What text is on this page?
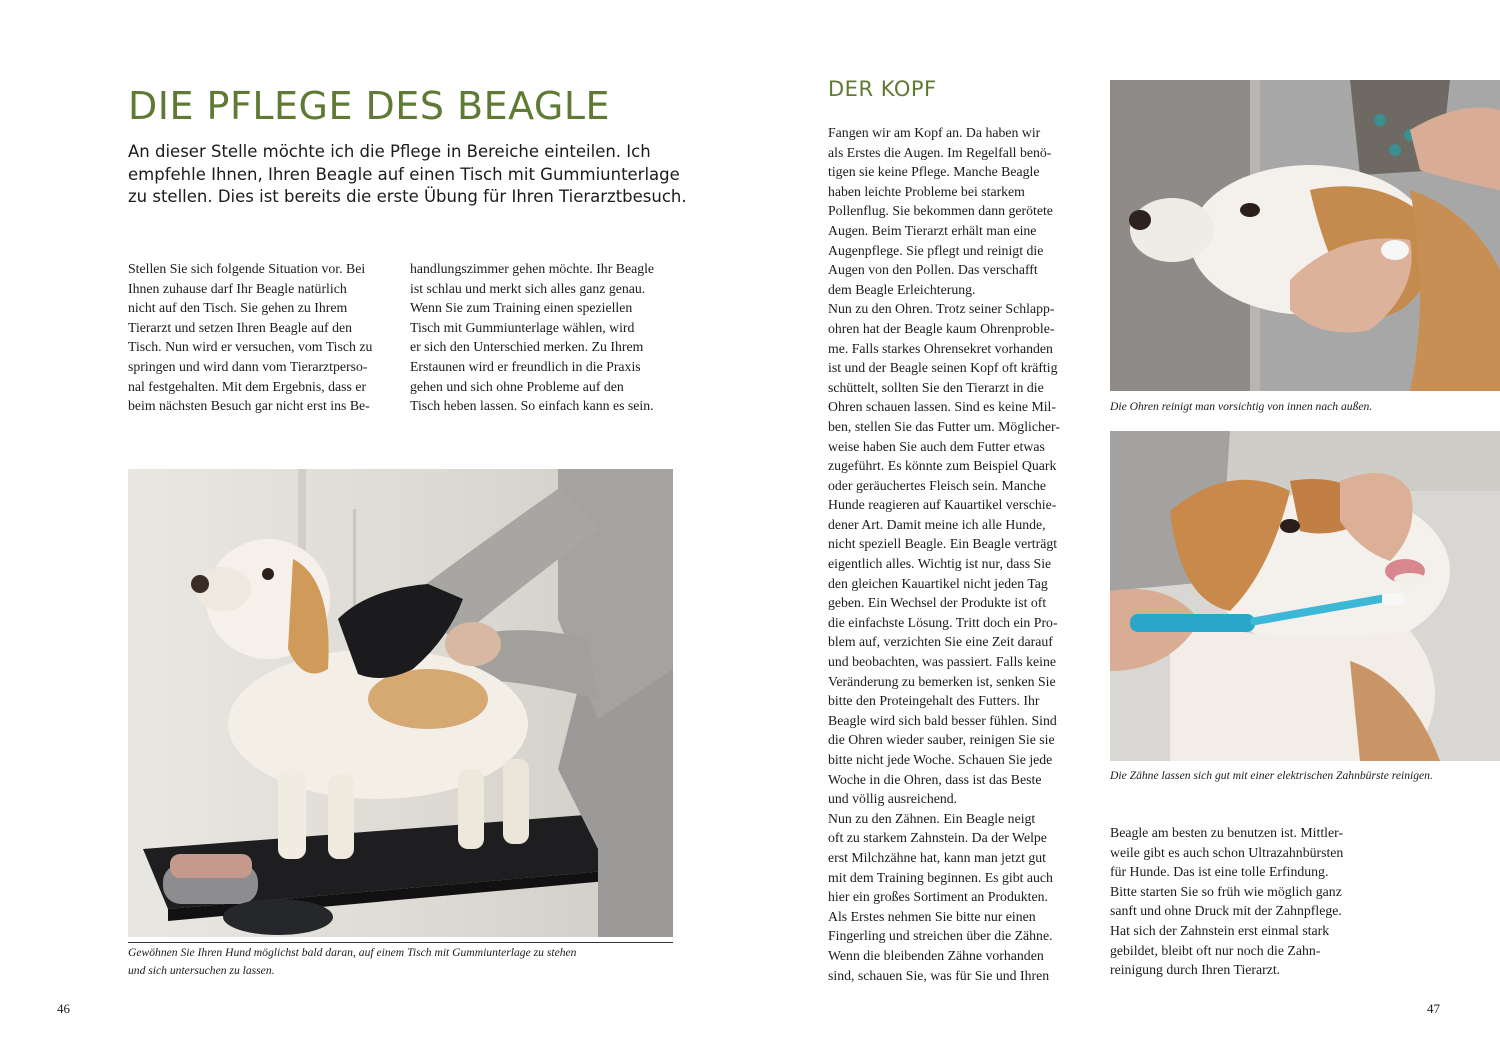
DIE PFLEGE DES BEAGLE
An dieser Stelle möchte ich die Pflege in Bereiche einteilen. Ich empfehle Ihnen, Ihren Beagle auf einen Tisch mit Gummiunterlage zu stellen. Dies ist bereits die erste Übung für Ihren Tierarztbesuch.
Stellen Sie sich folgende Situation vor. Bei
Ihnen zuhause darf Ihr Beagle natürlich
nicht auf den Tisch. Sie gehen zu Ihrem
Tierarzt und setzen Ihren Beagle auf den
Tisch. Nun wird er versuchen, vom Tisch zu
springen und wird dann vom Tierarztperso-
nal festgehalten. Mit dem Ergebnis, dass er
beim nächsten Besuch gar nicht erst ins Be-
handlungszimmer gehen möchte. Ihr Beagle
ist schlau und merkt sich alles ganz genau.
Wenn Sie zum Training einen speziellen
Tisch mit Gummiunterlage wählen, wird
er sich den Unterschied merken. Zu Ihrem
Erstaunen wird er freundlich in die Praxis
gehen und sich ohne Probleme auf den
Tisch heben lassen. So einfach kann es sein.
Gewöhnen Sie Ihren Hund möglichst bald daran, auf einem Tisch mit Gummiunterlage zu stehen
und sich untersuchen zu lassen.
46
DER KOPF
Fangen wir am Kopf an. Da haben wir
als Erstes die Augen. Im Regelfall benö-
tigen sie keine Pflege. Manche Beagle
haben leichte Probleme bei starkem
Pollenflug. Sie bekommen dann gerötete
Augen. Beim Tierarzt erhält man eine
Augenpflege. Sie pflegt und reinigt die
Augen von den Pollen. Das verschafft
dem Beagle Erleichterung.
Nun zu den Ohren. Trotz seiner Schlapp-
ohren hat der Beagle kaum Ohrenproble-
me. Falls starkes Ohrensekret vorhanden
ist und der Beagle seinen Kopf oft kräftig
schüttelt, sollten Sie den Tierarzt in die
Ohren schauen lassen. Sind es keine Mil-
ben, stellen Sie das Futter um. Möglicher-
weise haben Sie auch dem Futter etwas
zugeführt. Es könnte zum Beispiel Quark
oder geräuchertes Fleisch sein. Manche
Hunde reagieren auf Kauartikel verschie-
dener Art. Damit meine ich alle Hunde,
nicht speziell Beagle. Ein Beagle verträgt
eigentlich alles. Wichtig ist nur, dass Sie
den gleichen Kauartikel nicht jeden Tag
geben. Ein Wechsel der Produkte ist oft
die einfachste Lösung. Tritt doch ein Pro-
blem auf, verzichten Sie eine Zeit darauf
und beobachten, was passiert. Falls keine
Veränderung zu bemerken ist, senken Sie
bitte den Proteingehalt des Futters. Ihr
Beagle wird sich bald besser fühlen. Sind
die Ohren wieder sauber, reinigen Sie sie
bitte nicht jede Woche. Schauen Sie jede
Woche in die Ohren, dass ist das Beste
und völlig ausreichend.
Nun zu den Zähnen. Ein Beagle neigt
oft zu starkem Zahnstein. Da der Welpe
erst Milchzähne hat, kann man jetzt gut
mit dem Training beginnen. Es gibt auch
hier ein großes Sortiment an Produkten.
Als Erstes nehmen Sie bitte nur einen
Fingerling und streichen über die Zähne.
Wenn die bleibenden Zähne vorhanden
sind, schauen Sie, was für Sie und Ihren
Die Ohren reinigt man vorsichtig von innen nach außen.
Die Zähne lassen sich gut mit einer elektrischen Zahnbürste reinigen.
Beagle am besten zu benutzen ist. Mittler-
weile gibt es auch schon Ultrazahnbürsten
für Hunde. Das ist eine tolle Erfindung.
Bitte starten Sie so früh wie möglich ganz
sanft und ohne Druck mit der Zahnpflege.
Hat sich der Zahnstein erst einmal stark
gebildet, bleibt oft nur noch die Zahn-
reinigung durch Ihren Tierarzt.
47
